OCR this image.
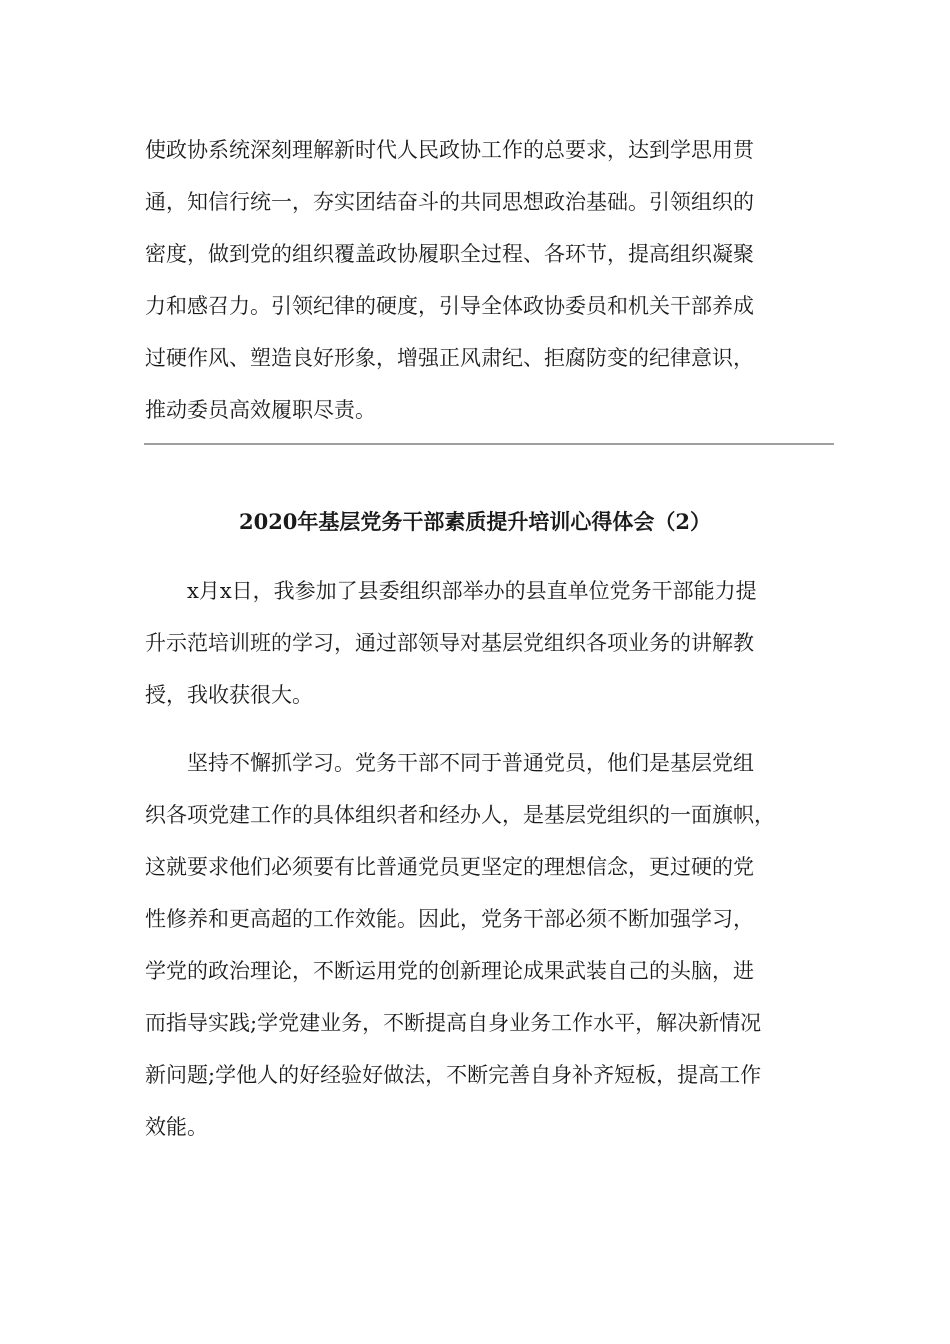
使政协系统深刻理解新时代人民政协工作的总要求，达到学思用贯
通，知信行统一，夯实团结奋斗的共同思想政治基础。引领组织的
密度，做到党的组织覆盖政协履职全过程、各环节，提高组织凝聚
力和感召力。引领纪律的硬度，引导全体政协委员和机关干部养成
过硬作风、塑造良好形象，增强正风肃纪、拒腐防变的纪律意识，
推动委员高效履职尽责。
2020年基层党务干部素质提升培训心得体会（2）
x月x日，我参加了县委组织部举办的县直单位党务干部能力提
升示范培训班的学习，通过部领导对基层党组织各项业务的讲解教
授，我收获很大。
坚持不懈抓学习。党务干部不同于普通党员，他们是基层党组
织各项党建工作的具体组织者和经办人，是基层党组织的一面旗帜，
这就要求他们必须要有比普通党员更坚定的理想信念，更过硬的党
性修养和更高超的工作效能。因此，党务干部必须不断加强学习，
学党的政治理论，不断运用党的创新理论成果武装自己的头脑，进
而指导实践;学党建业务，不断提高自身业务工作水平，解决新情况
新问题;学他人的好经验好做法，不断完善自身补齐短板，提高工作
效能。
